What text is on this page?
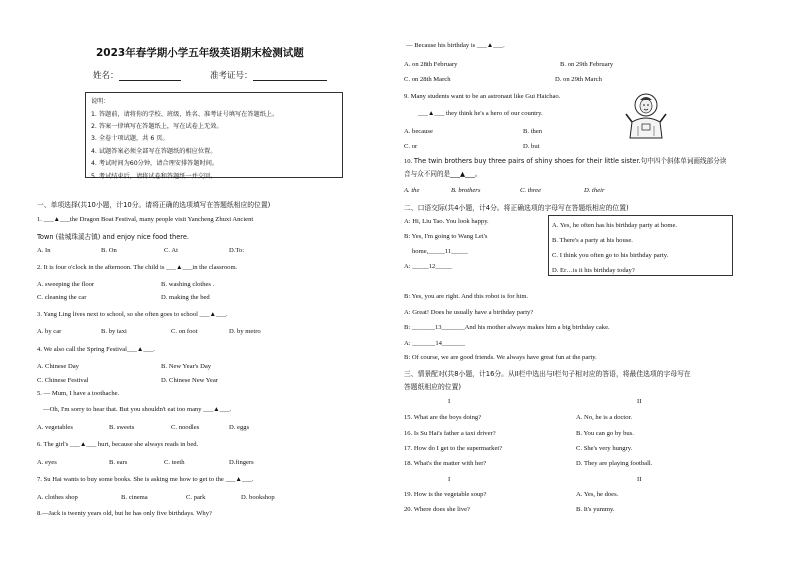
2023年春学期小学五年级英语期末检测试题
姓名：	准考证号：
说明：
1. 答题前，请将你的学校、班级、姓名、准考证号填写在答题纸上。
2. 答案一律填写在答题纸上，写在试卷上无效。
3. 全卷十项试题，共 6 页。
4. 试题答案必须全部写在答题纸的相应位置。
4. 考试时间为60分钟，请合理安排答题时间。
5. 考试结束后，请将试卷和答题纸一并交回。
一、单项选择(共10小题，计10分。请将正确的选项填写在答题纸相应的位置)
1. ___▲___the Dragon Boat Festival, many people visit Yancheng Zhuxi Ancient
Town (盐城珠溪古镇) and enjoy nice food there.
A. In	B. On	C. At	D.To:
2. It is four o'clock in the afternoon. The child is ___▲___in the classroom.
A. sweeping the floor	B. washing clothes .
C. cleaning the car	D. making the bed
3. Yang Ling lives next to school, so she often goes to school ___▲___.
A. by car	B. by taxi	C. on foot	D. by metro
4. We also call the Spring Festival___▲___.
A. Chinese Day	B. New Year's Day
C. Chinese Festival	D. Chinese New Year
5. — Mum, I have a toothache.
—Oh, I'm sorry to hear that. But you shouldn't eat too many ___▲___.
A. vegetables	B. sweets	C. noodles	D. eggs
6. The girl's ___▲___ hurt, because she always reads in bed.
A. eyes	B. ears	C. teeth	D.fingers
7. Su Hai wants to buy some books. She is asking me how to get to the ___▲___.
A. clothes shop	B. cinema	C. park	D. bookshop
8.—Jack is twenty years old, but he has only five birthdays. Why?
— Because his birthday is ___▲___.
A. on 28th February	B. on 29th February
C. on 28th March	D. on 29th March
9. Many students want to be an astronaut like Gui Haichao.
___▲___ they think he's a hero of our country.
A. because	B. then
C. or	D. but
10. The twin brothers buy three pairs of shiny shoes for their little sister.句中四个斜体单词画线部分读
音与众不同的是___▲___。
A. the	B. brothers	C. three	D. their
二、口语交际(共4小题，计4分。将正确选项的字母写在答题纸相应的位置)
A: Hi, Liu Tao. You look happy.
B: Yes, I'm going to Wang Lei's
home,_____11_____
A: _____12_____
A. Yes, he often has his birthday party at home.
B. There's a party at his house.
C. I think you often go to his birthday party.
D. Er…is it his birthday today?
B: Yes, you are right. And this robot is for him.
A: Great! Does he usually have a birthday party?
B: _______13_______And his mother always makes him a big birthday cake.
A: _______14_______
B: Of course, we are good friends. We always have great fun at the party.
三、情景配对(共8小题，计16分。从II栏中选出与I栏句子相对应的答语，将最佳选项的字母写在
答题纸相应的位置)
I	II
15. What are the boys doing?	A. No, he is a doctor.
16. Is Su Hai's father a taxi driver?	B. You can go by bus.
17. How do I get to the supermarket?	C. She's very hungry.
18. What's the matter with her?	D. They are playing football.
I	II
19. How is the vegetable soup?	A. Yes, he does.
20. Where does she live?	B. It's yummy.
